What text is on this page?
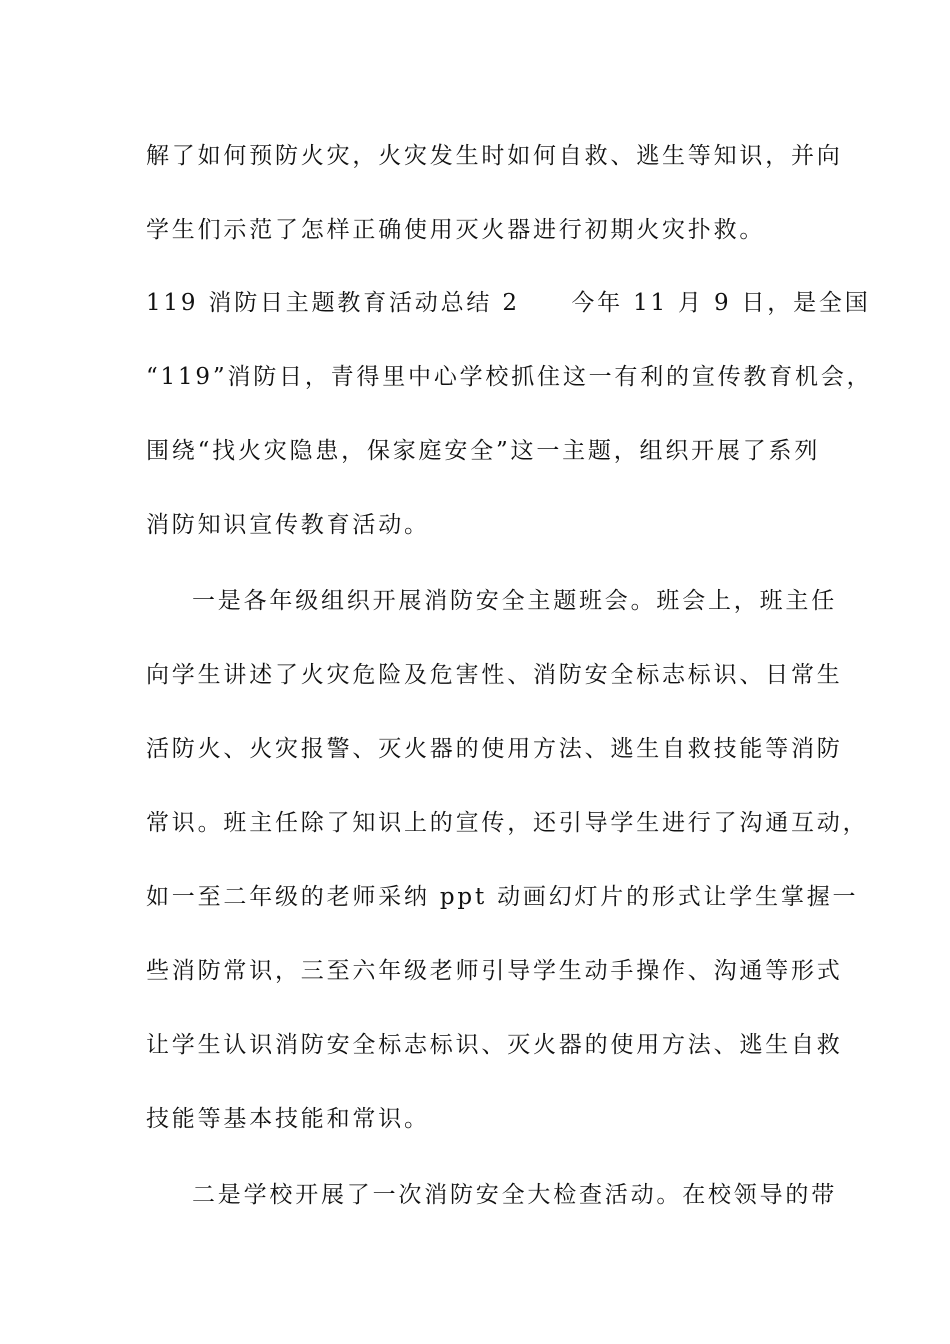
解了如何预防火灾，火灾发生时如何自救、逃生等知识，并向
学生们示范了怎样正确使用灭火器进行初期火灾扑救。
119 消防日主题教育活动总结 2　　今年 11 月 9 日，是全国
“119”消防日，青得里中心学校抓住这一有利的宣传教育机会，
围绕“找火灾隐患，保家庭安全”这一主题，组织开展了系列
消防知识宣传教育活动。
一是各年级组织开展消防安全主题班会。班会上，班主任
向学生讲述了火灾危险及危害性、消防安全标志标识、日常生
活防火、火灾报警、灭火器的使用方法、逃生自救技能等消防
常识。班主任除了知识上的宣传，还引导学生进行了沟通互动，
如一至二年级的老师采纳 ppt 动画幻灯片的形式让学生掌握一
些消防常识，三至六年级老师引导学生动手操作、沟通等形式
让学生认识消防安全标志标识、灭火器的使用方法、逃生自救
技能等基本技能和常识。
二是学校开展了一次消防安全大检查活动。在校领导的带
